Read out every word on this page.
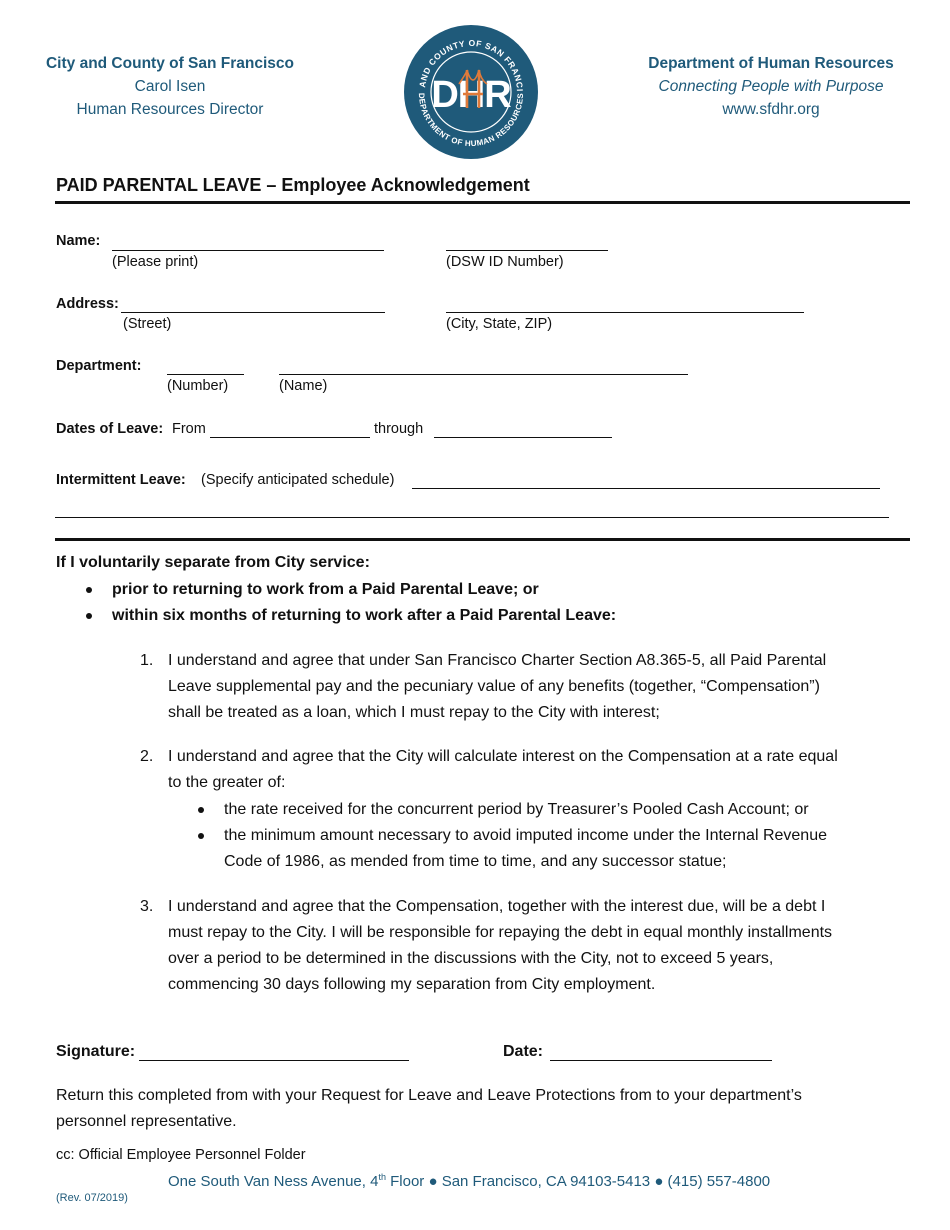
City and County of San Francisco
Carol Isen
Human Resources Director
AND COUNTY OF SAN FRANCI
DEPARTMENT OF HUMAN RESOURCES
DHR
Department of Human Resources
Connecting People with Purpose
www.sfdhr.org
PAID PARENTAL LEAVE – Employee Acknowledgement
Name:
(Please print)	(DSW ID Number)
Address:
(Street)	(City, State, ZIP)
Department:
(Number)	(Name)
Dates of Leave: From	through
Intermittent Leave: (Specify anticipated schedule)
If I voluntarily separate from City service:
prior to returning to work from a Paid Parental Leave; or
within six months of returning to work after a Paid Parental Leave:
1. I understand and agree that under San Francisco Charter Section A8.365-5, all Paid Parental
Leave supplemental pay and the pecuniary value of any benefits (together, “Compensation”)
shall be treated as a loan, which I must repay to the City with interest;
2. I understand and agree that the City will calculate interest on the Compensation at a rate equal
to the greater of:
the rate received for the concurrent period by Treasurer’s Pooled Cash Account; or
the minimum amount necessary to avoid imputed income under the Internal Revenue
Code of 1986, as mended from time to time, and any successor statue;
3. I understand and agree that the Compensation, together with the interest due, will be a debt I
must repay to the City. I will be responsible for repaying the debt in equal monthly installments
over a period to be determined in the discussions with the City, not to exceed 5 years,
commencing 30 days following my separation from City employment.
Signature:	Date:
Return this completed from with your Request for Leave and Leave Protections from to your department’s
personnel representative.
cc: Official Employee Personnel Folder
One South Van Ness Avenue, 4th Floor ● San Francisco, CA 94103-5413 ● (415) 557-4800
(Rev. 07/2019)
